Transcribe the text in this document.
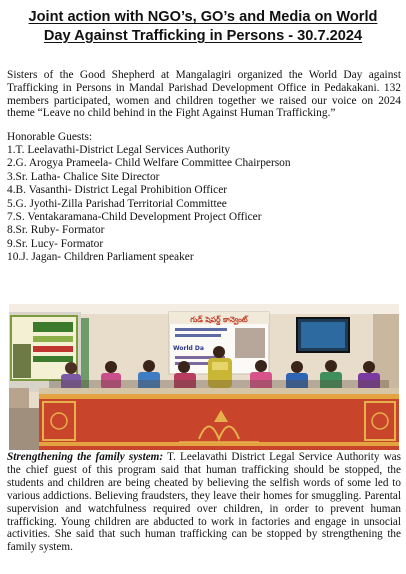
Joint action with NGO’s, GO’s and Media on World
Day Against Trafficking in Persons - 30.7.2024
Sisters of the Good Shepherd at Mangalagiri organized the World Day against Trafficking in Persons in Mandal Parishad Development Office in Pedakakani. 132 members participated, women and children together we raised our voice on 2024 theme “Leave no child behind in the Fight Against Human Trafficking.”
Honorable Guests:
1.T. Leelavathi-District Legal Services Authority
2.G. Arogya Prameela- Child Welfare Committee Chairperson
3.Sr. Latha- Chalice Site Director
4.B. Vasanthi- District Legal Prohibition Officer
5.G. Jyothi-Zilla Parishad Territorial Committee
7.S. Ventakaramana-Child Development Project Officer
8.Sr. Ruby- Formator
9.Sr. Lucy- Formator
10.J. Jagan- Children Parliament speaker
గుడ్ షెపర్డ్ కాన్వెంట్
World Da
Strengthening the family system: T. Leelavathi District Legal Service Authority was the chief guest of this program said that human trafficking should be stopped, the students and children are being cheated by believing the selfish words of some led to various addictions. Believing fraudsters, they leave their homes for smuggling. Parental supervision and watchfulness required over children, in order to prevent human trafficking. Young children are abducted to work in factories and engage in unsocial activities. She said that such human trafficking can be stopped by strengthening the family system.
